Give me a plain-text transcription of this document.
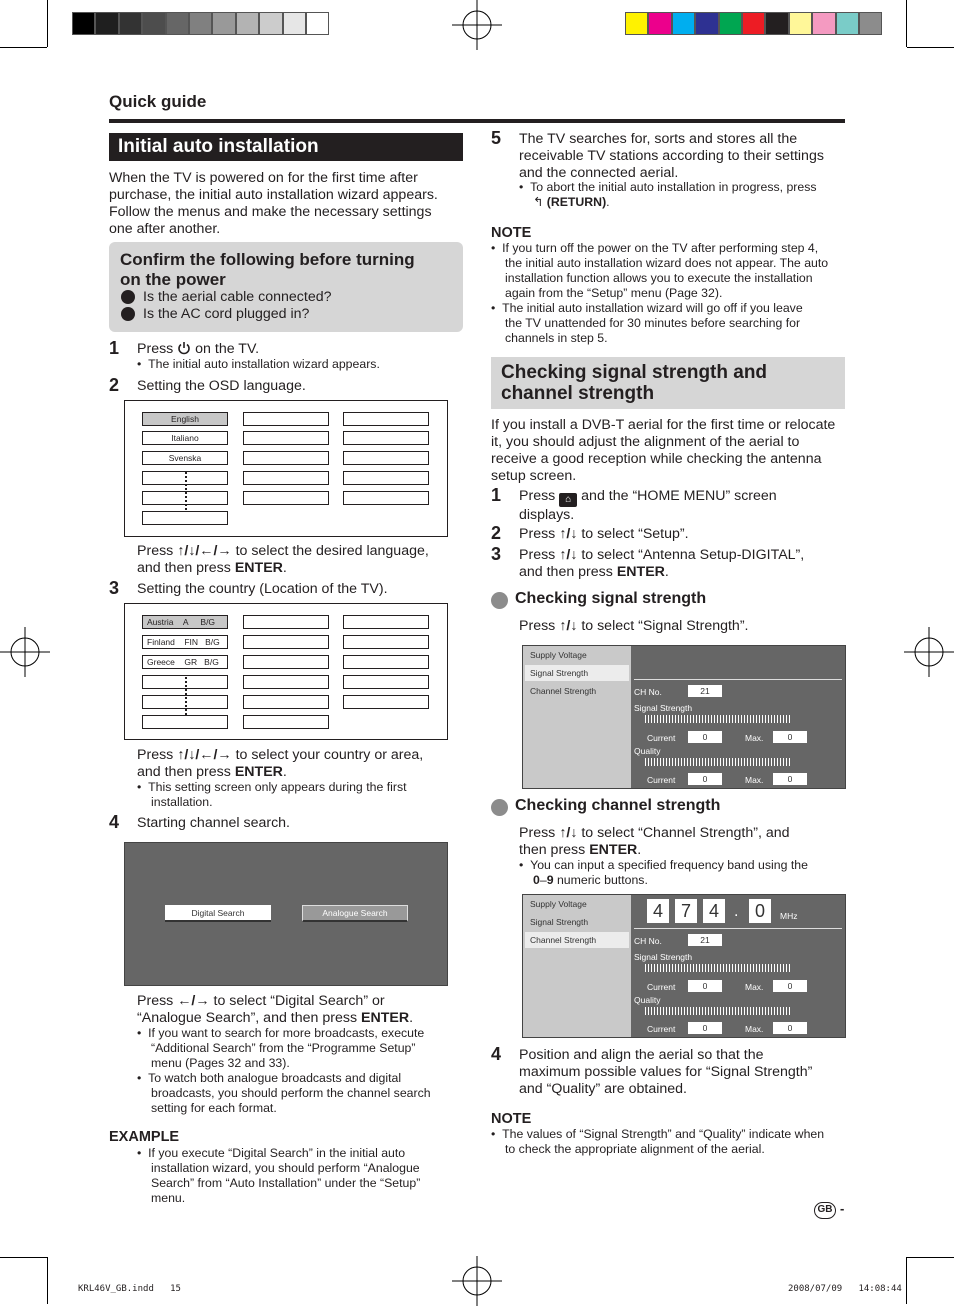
Quick guide
Initial auto installation
When the TV is powered on for the first time after
purchase, the initial auto installation wizard appears.
Follow the menus and make the necessary settings
one after another.
Confirm the following before turning
on the power
Is the aerial cable connected?
Is the AC cord plugged in?
1 Press on the TV.
•  The initial auto installation wizard appears.
2 Setting the OSD language.
English
Italiano
Svenska
Press ↑/↓/←/→ to select the desired language,
and then press ENTER.
3 Setting the country (Location of the TV).
Austria A B/G
Finland FIN B/G
Greece GR B/G
Press ↑/↓/←/→ to select your country or area,
and then press ENTER.
•  This setting screen only appears during the first
installation.
4 Starting channel search.
Digital Search	Analogue Search
Press ←/→ to select “Digital Search” or
“Analogue Search”, and then press ENTER.
•  If you want to search for more broadcasts, execute
“Additional Search” from the “Programme Setup”
menu (Pages 32 and 33).
•  To watch both analogue broadcasts and digital
broadcasts, you should perform the channel search
setting for each format.
EXAMPLE
•  If you execute “Digital Search” in the initial auto
installation wizard, you should perform “Analogue
Search” from “Auto Installation” under the “Setup”
menu.
5 The TV searches for, sorts and stores all the
receivable TV stations according to their settings
and the connected aerial.
•  To abort the initial auto installation in progress, press
↰ (RETURN).
NOTE
•  If you turn off the power on the TV after performing step 4,
the initial auto installation wizard does not appear. The auto
installation function allows you to execute the installation
again from the “Setup” menu (Page 32).
•  The initial auto installation wizard will go off if you leave
the TV unattended for 30 minutes before searching for
channels in step 5.
Checking signal strength and
channel strength
If you install a DVB-T aerial for the first time or relocate
it, you should adjust the alignment of the aerial to
receive a good reception while checking the antenna
setup screen.
1 Press ⌂ and the “HOME MENU” screen
displays.
2 Press ↑/↓ to select “Setup”.
3 Press ↑/↓ to select “Antenna Setup-DIGITAL”,
and then press ENTER.
Checking signal strength
Press ↑/↓ to select “Signal Strength”.
Supply Voltage
Signal Strength
Channel Strength	CH No.	21
Signal Strength
Current	0	Max.	0
Quality
Current	0	Max.	0
Checking channel strength
Press ↑/↓ to select “Channel Strength”, and
then press ENTER.
•  You can input a specified frequency band using the
0–9 numeric buttons.
Supply Voltage
Signal Strength
Channel Strength
4 7 4 . 0	MHz
CH No.	21
Signal Strength
Current	0	Max.	0
Quality
Current	0	Max.	0
4 Position and align the aerial so that the
maximum possible values for “Signal Strength”
and “Quality” are obtained.
NOTE
•  The values of “Signal Strength” and “Quality” indicate when
to check the appropriate alignment of the aerial.
GB -
KRL46V_GB.indd   15	2008/07/09   14:08:44
